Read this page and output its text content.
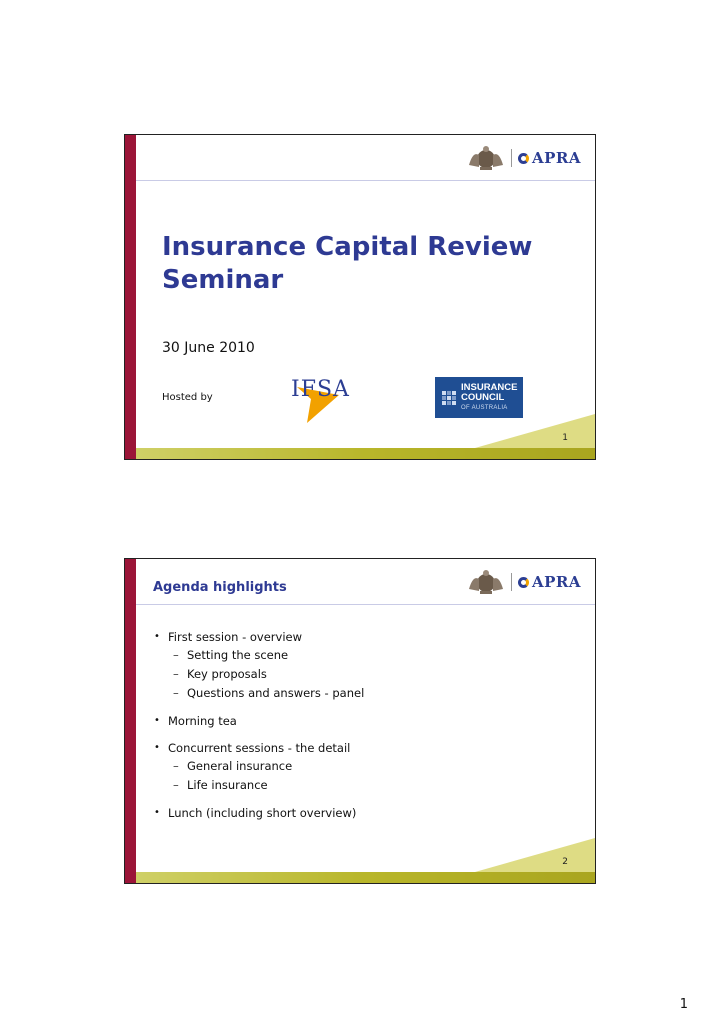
APRA
Insurance Capital Review
Seminar
30 June 2010
Hosted by	IFSA	INSURANCE
COUNCIL
OF AUSTRALIA
1
Agenda highlights	APRA
• First session - overview
– Setting the scene
– Key proposals
– Questions and answers - panel
• Morning tea
• Concurrent sessions - the detail
– General insurance
– Life insurance
• Lunch (including short overview)
2
1
